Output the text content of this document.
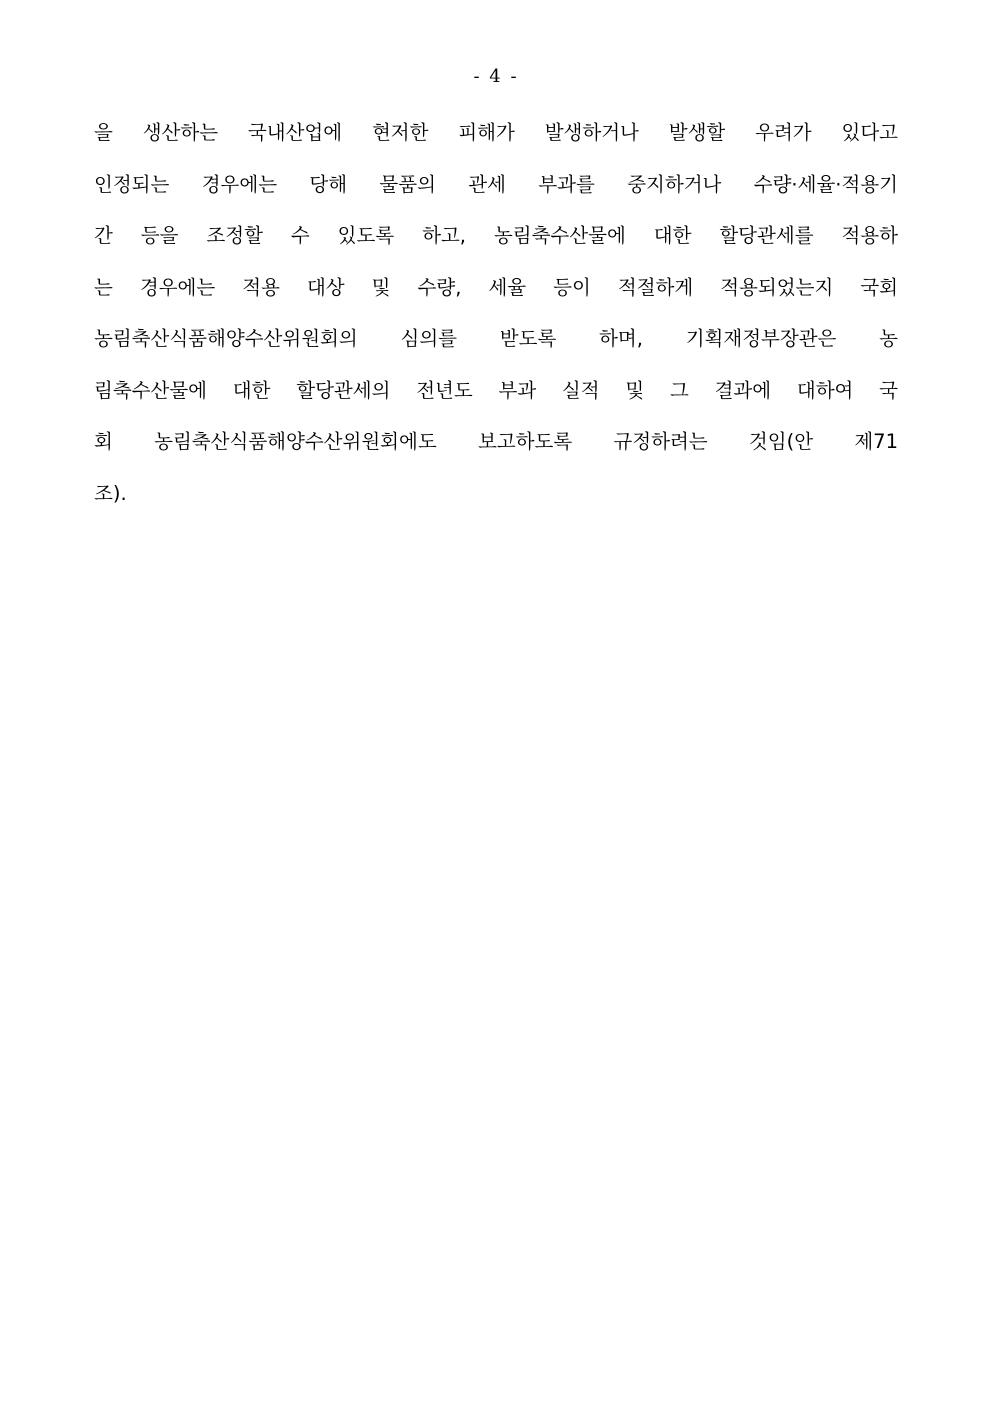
- 4 -
을 생산하는 국내산업에 현저한 피해가 발생하거나 발생할 우려가 있다고
인정되는 경우에는 당해 물품의 관세 부과를 중지하거나 수량·세율·적용기
간 등을 조정할 수 있도록 하고, 농림축수산물에 대한 할당관세를 적용하
는 경우에는 적용 대상 및 수량, 세율 등이 적절하게 적용되었는지 국회
농림축산식품해양수산위원회의 심의를 받도록 하며, 기획재정부장관은 농
림축수산물에 대한 할당관세의 전년도 부과 실적 및 그 결과에 대하여 국
회 농림축산식품해양수산위원회에도 보고하도록 규정하려는 것임(안 제71
조).
